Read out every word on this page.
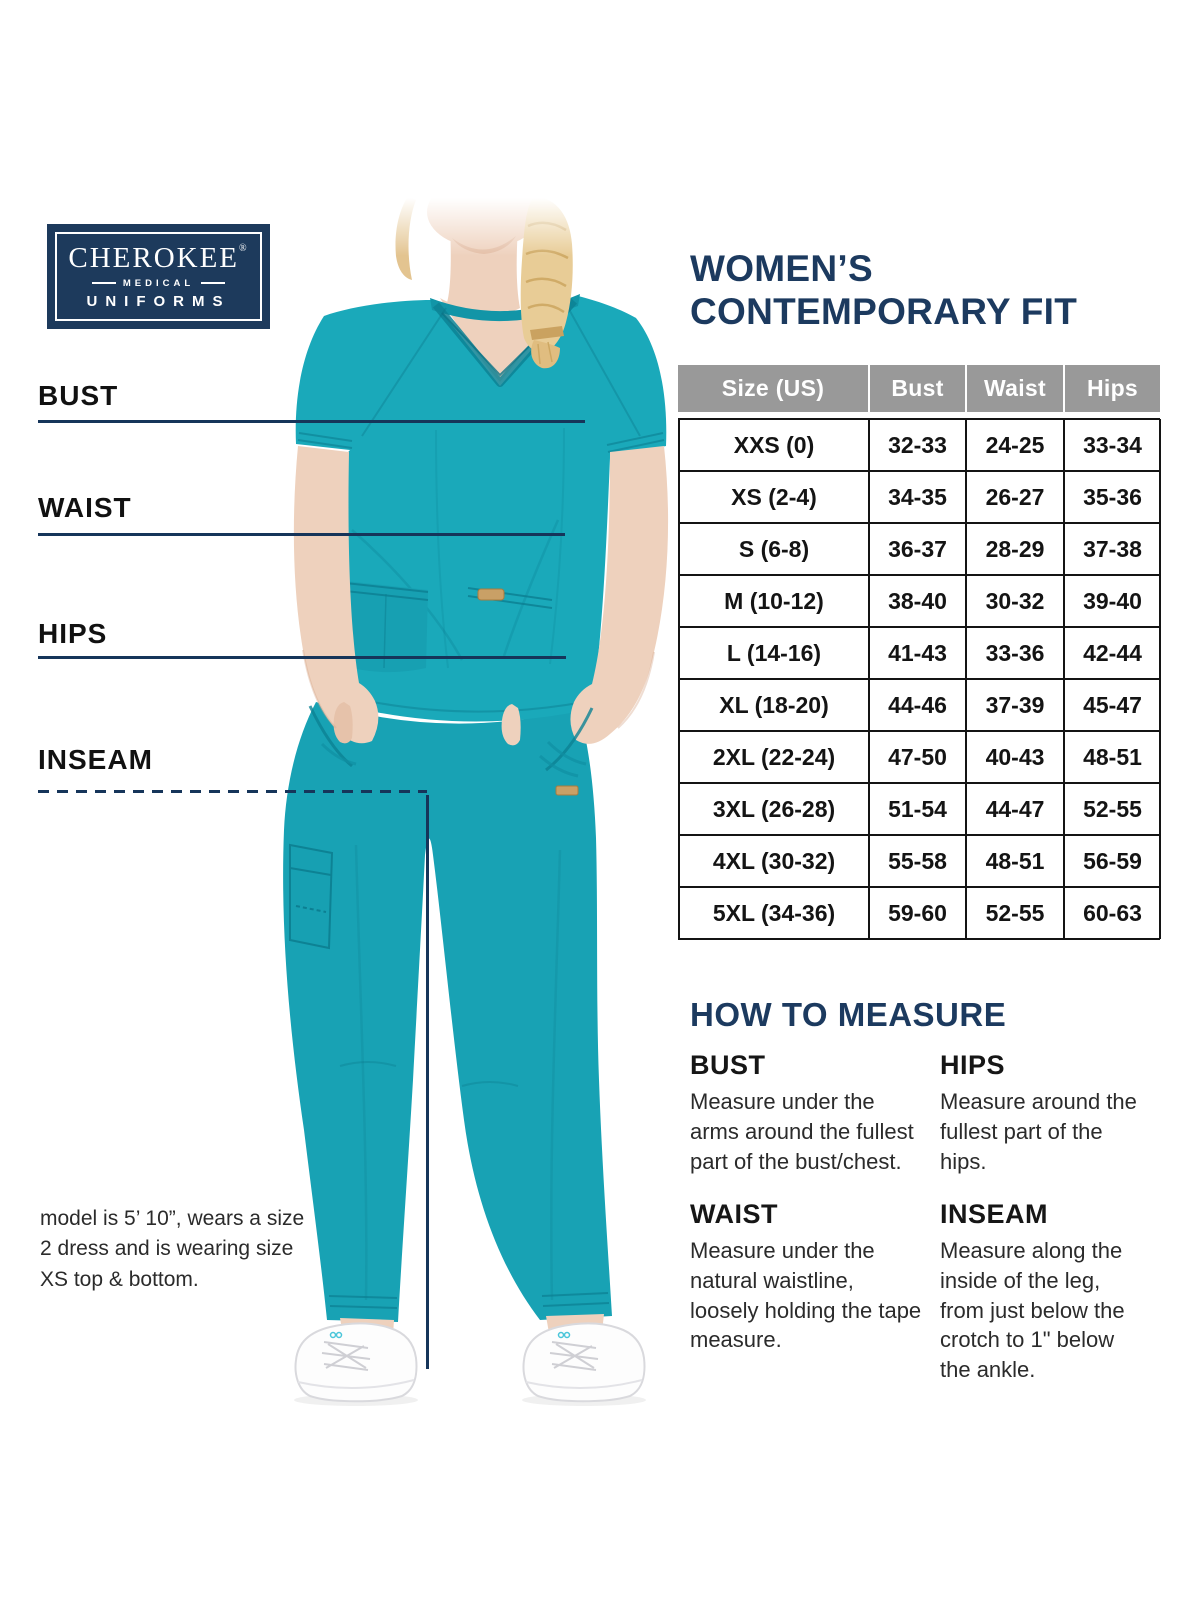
CHEROKEE®
MEDICAL
UNIFORMS
BUST
WAIST
HIPS
INSEAM
WOMEN’S
CONTEMPORARY FIT
Size (US)	Bust	Waist	Hips
XXS (0)	32-33	24-25	33-34
XS (2-4)	34-35	26-27	35-36
S (6-8)	36-37	28-29	37-38
M (10-12)	38-40	30-32	39-40
L (14-16)	41-43	33-36	42-44
XL (18-20)	44-46	37-39	45-47
2XL (22-24)	47-50	40-43	48-51
3XL (26-28)	51-54	44-47	52-55
4XL (30-32)	55-58	48-51	56-59
5XL (34-36)	59-60	52-55	60-63
HOW TO MEASURE
BUST
Measure under the arms around the fullest part of the bust/chest.
HIPS
Measure around the fullest part of the hips.
WAIST
Measure under the natural waistline, loosely holding the tape measure.
INSEAM
Measure along the inside of the leg, from just below the crotch to 1" below the ankle.
model is 5’ 10”, wears a size 2 dress and is wearing size XS top & bottom.
